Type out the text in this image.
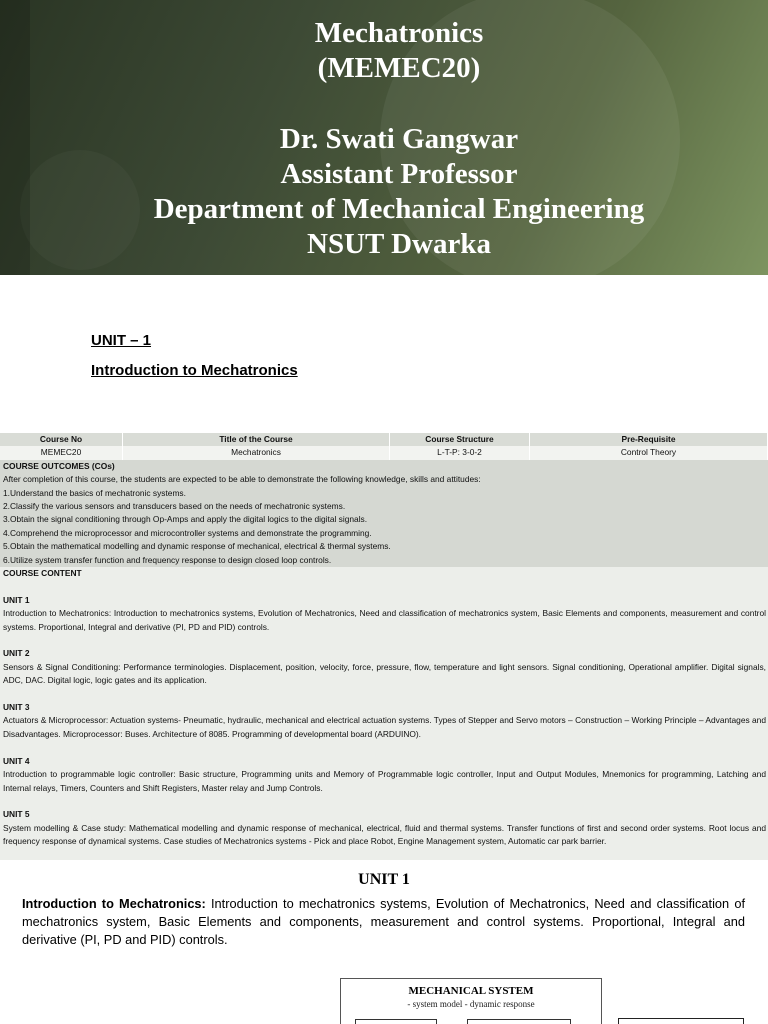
Mechatronics
(MEMEC20)
Dr. Swati Gangwar
Assistant Professor
Department of Mechanical Engineering
NSUT Dwarka
UNIT – 1
Introduction to Mechatronics
Course No	Title of the Course	Course Structure	Pre-Requisite
MEMEC20	Mechatronics	L-T-P: 3-0-2	Control Theory
COURSE OUTCOMES (COs)
After completion of this course, the students are expected to be able to demonstrate the following knowledge, skills and attitudes:
1.Understand the basics of mechatronic systems.
2.Classify the various sensors and transducers based on the needs of mechatronic systems.
3.Obtain the signal conditioning through Op-Amps and apply the digital logics to the digital signals.
4.Comprehend the microprocessor and microcontroller systems and demonstrate the programming.
5.Obtain the mathematical modelling and dynamic response of mechanical, electrical & thermal systems.
6.Utilize system transfer function and frequency response to design closed loop controls.
COURSE CONTENT
UNIT 1
Introduction to Mechatronics: Introduction to mechatronics systems, Evolution of Mechatronics, Need and classification of mechatronics system, Basic Elements and components, measurement and control systems. Proportional, Integral and derivative (PI, PD and PID) controls.
UNIT 2
Sensors & Signal Conditioning: Performance terminologies. Displacement, position, velocity, force, pressure, flow, temperature and light sensors. Signal conditioning, Operational amplifier. Digital signals, ADC, DAC. Digital logic, logic gates and its application.
UNIT 3
Actuators & Microprocessor: Actuation systems- Pneumatic, hydraulic, mechanical and electrical actuation systems. Types of Stepper and Servo motors – Construction – Working Principle – Advantages and Disadvantages. Microprocessor: Buses. Architecture of 8085. Programming of developmental board (ARDUINO).
UNIT 4
Introduction to programmable logic controller: Basic structure, Programming units and Memory of Programmable logic controller, Input and Output Modules, Mnemonics for programming, Latching and Internal relays, Timers, Counters and Shift Registers, Master relay and Jump Controls.
UNIT 5
System modelling & Case study: Mathematical modelling and dynamic response of mechanical, electrical, fluid and thermal systems. Transfer functions of first and second order systems. Root locus and frequency response of dynamical systems. Case studies of Mechatronics systems - Pick and place Robot, Engine Management system, Automatic car park barrier.
UNIT 1

Introduction to Mechatronics: Introduction to mechatronics systems, Evolution of Mechatronics, Need and classification of mechatronics system, Basic Elements and components, measurement and control systems. Proportional, Integral and derivative (PI, PD and PID) controls.

MECHANICAL SYSTEM
- system model - dynamic response
